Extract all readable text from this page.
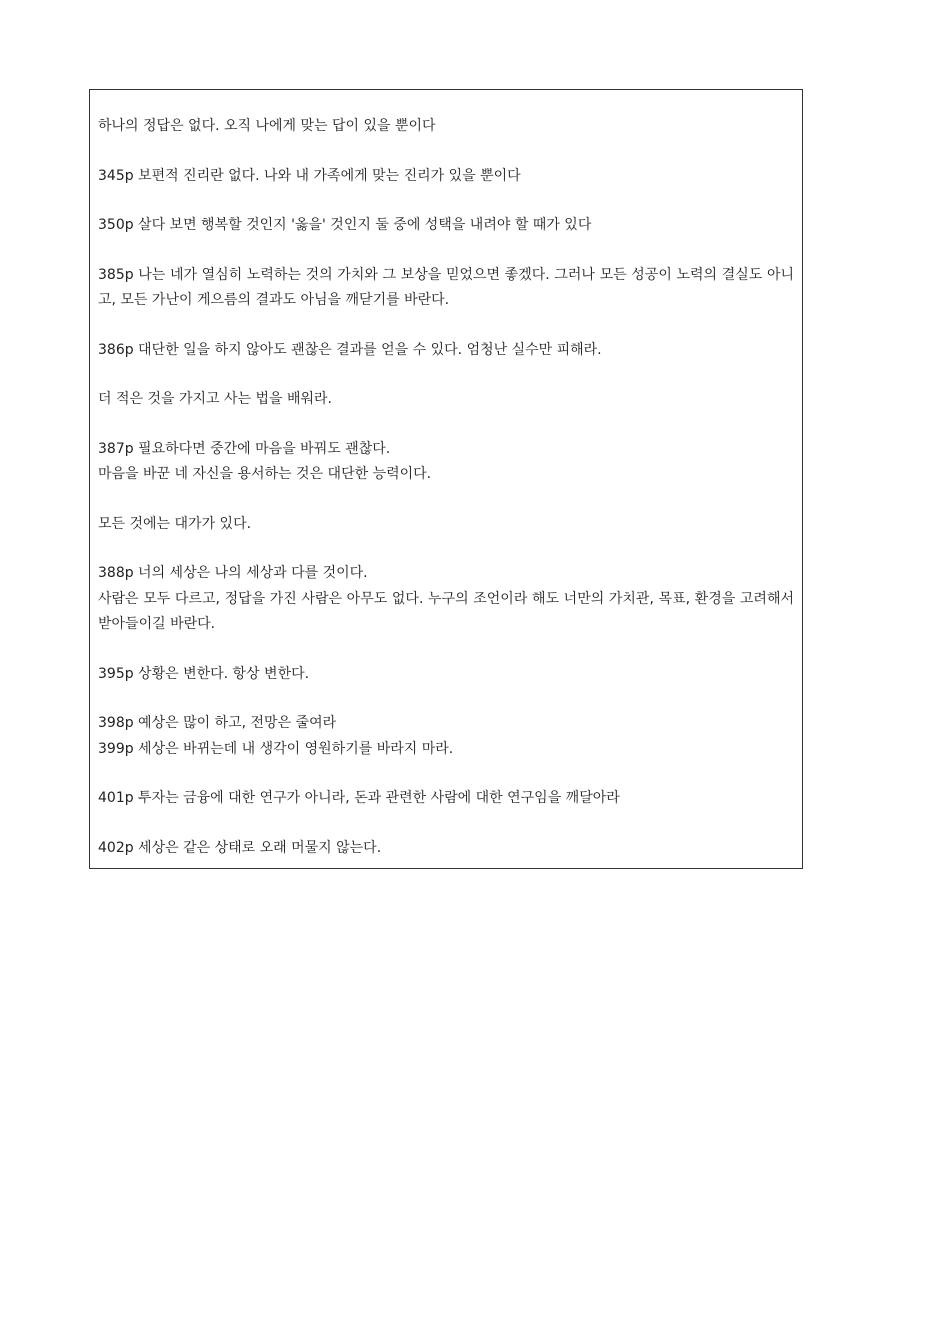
하나의 정답은 없다. 오직 나에게 맞는 답이 있을 뿐이다

345p 보편적 진리란 없다. 나와 내 가족에게 맞는 진리가 있을 뿐이다

350p 살다 보면 행복할 것인지 '옳을' 것인지 둘 중에 성택을 내려야 할 때가 있다

385p 나는 네가 열심히 노력하는 것의 가치와 그 보상을 믿었으면 좋겠다. 그러나 모든 성공이 노력의 결실도 아니고, 모든 가난이 게으름의 결과도 아님을 깨닫기를 바란다.

386p 대단한 일을 하지 않아도 괜찮은 결과를 얻을 수 있다. 엄청난 실수만 피해라.

더 적은 것을 가지고 사는 법을 배워라.

387p 필요하다면 중간에 마음을 바꿔도 괜찮다.
마음을 바꾼 네 자신을 용서하는 것은 대단한 능력이다.

모든 것에는 대가가 있다.

388p 너의 세상은 나의 세상과 다를 것이다.
사람은 모두 다르고, 정답을 가진 사람은 아무도 없다. 누구의 조언이라 해도 너만의 가치관, 목표, 환경을 고려해서 받아들이길 바란다.

395p 상황은 변한다. 항상 변한다.

398p 예상은 많이 하고, 전망은 줄여라
399p 세상은 바뀌는데 내 생각이 영원하기를 바라지 마라.

401p 투자는 금융에 대한 연구가 아니라, 돈과 관련한 사람에 대한 연구임을 깨달아라

402p 세상은 같은 상태로 오래 머물지 않는다.
